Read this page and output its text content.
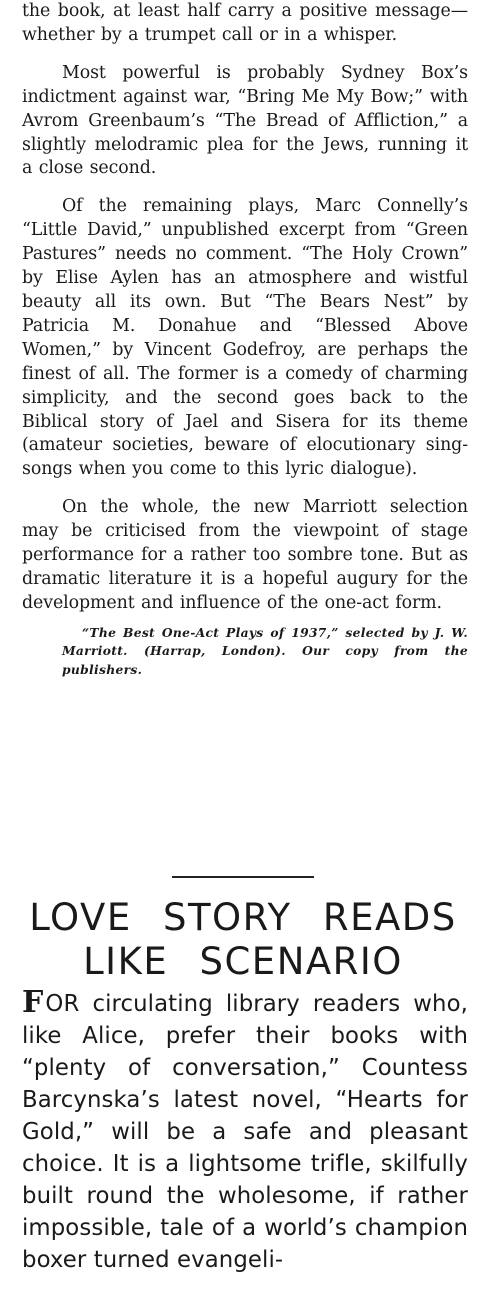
the book, at least half carry a positive message—whether by a trumpet call or in a whisper.

Most powerful is probably Sydney Box’s indictment against war, “Bring Me My Bow;” with Avrom Greenbaum’s “The Bread of Affliction,” a slightly melodramic plea for the Jews, running it a close second.

Of the remaining plays, Marc Connelly’s “Little David,” unpublished excerpt from “Green Pastures” needs no comment. “The Holy Crown” by Elise Aylen has an atmosphere and wistful beauty all its own. But “The Bears Nest” by Patricia M. Donahue and “Blessed Above Women,” by Vincent Godefroy, are perhaps the finest of all. The former is a comedy of charming simplicity, and the second goes back to the Biblical story of Jael and Sisera for its theme (amateur societies, beware of elocutionary sing-songs when you come to this lyric dialogue).

On the whole, the new Marriott selection may be criticised from the viewpoint of stage performance for a rather too sombre tone. But as dramatic literature it is a hopeful augury for the development and influence of the one-act form.

“The Best One-Act Plays of 1937,” selected by J. W. Marriott. (Harrap, London). Our copy from the publishers.

LOVE STORY READS
LIKE SCENARIO

F OR circulating library readers who, like Alice, prefer their books with “plenty of conversation,” Countess Barcynska’s latest novel, “Hearts for Gold,” will be a safe and pleasant choice. It is a lightsome trifle, skilfully built round the wholesome, if rather impossible, tale of a world’s champion boxer turned evangeli-
